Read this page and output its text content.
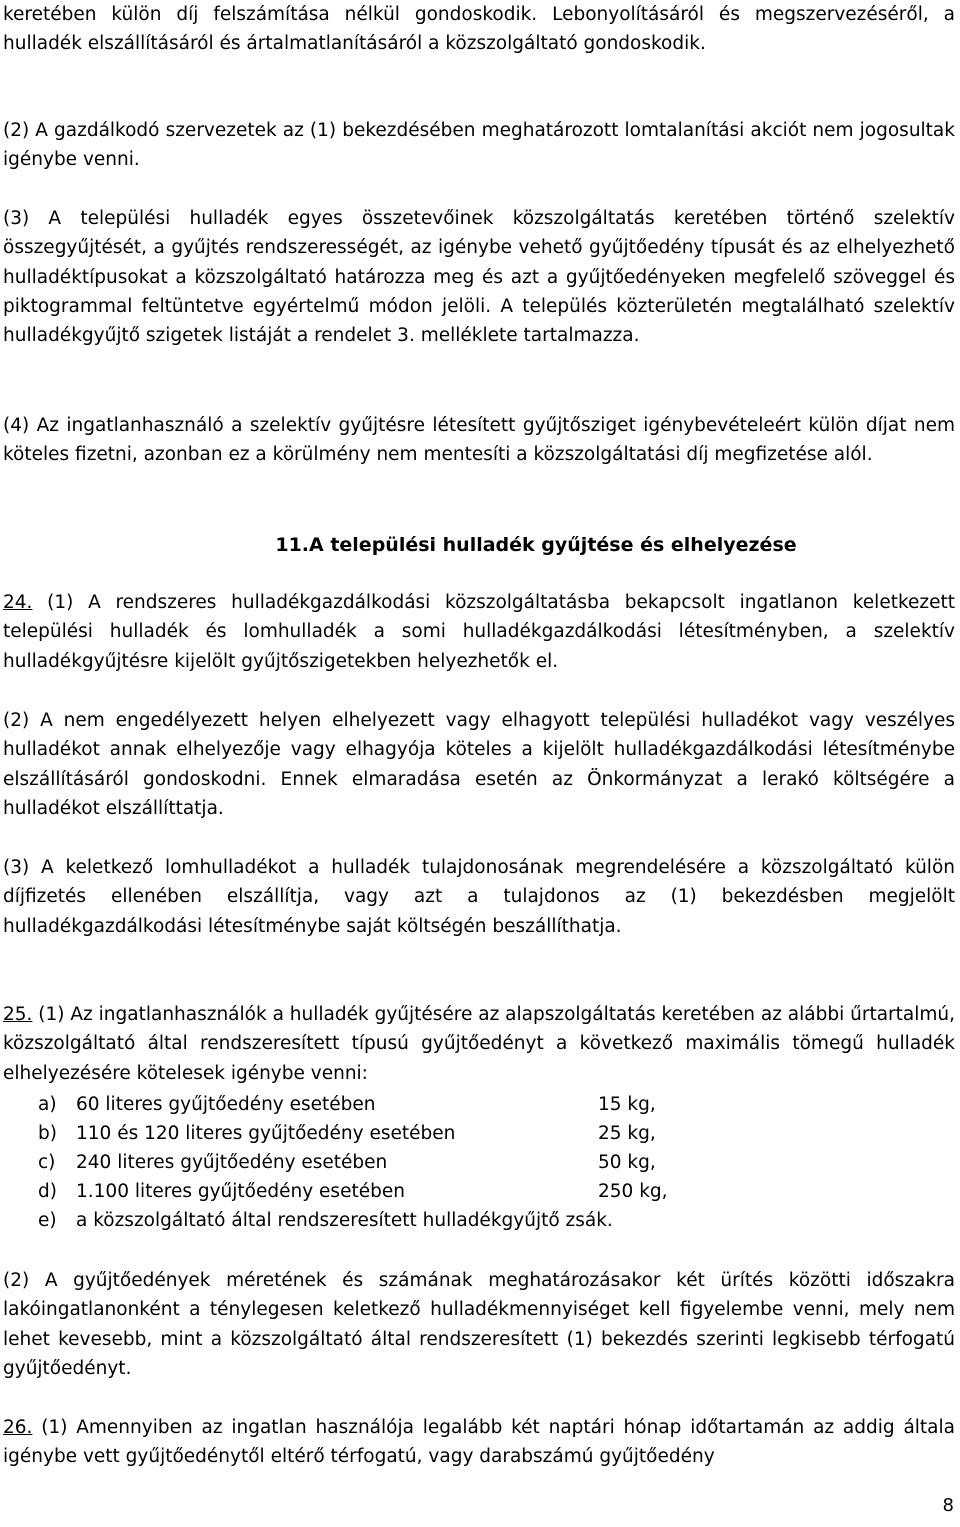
keretében külön díj felszámítása nélkül gondoskodik. Lebonyolításáról és megszervezéséről, a hulladék elszállításáról és ártalmatlanításáról a közszolgáltató gondoskodik.

(2) A gazdálkodó szervezetek az (1) bekezdésében meghatározott lomtalanítási akciót nem jogosultak igénybe venni.

(3) A települési hulladék egyes összetevőinek közszolgáltatás keretében történő szelektív összegyűjtését, a gyűjtés rendszerességét, az igénybe vehető gyűjtőedény típusát és az elhelyezhető hulladéktípusokat a közszolgáltató határozza meg és azt a gyűjtőedényeken megfelelő szöveggel és piktogrammal feltüntetve egyértelmű módon jelöli. A település közterületén megtalálható szelektív hulladékgyűjtő szigetek listáját a rendelet 3. melléklete tartalmazza.

(4) Az ingatlanhasználó a szelektív gyűjtésre létesített gyűjtősziget igénybevételeért külön díjat nem köteles fizetni, azonban ez a körülmény nem mentesíti a közszolgáltatási díj megfizetése alól.

11.A települési hulladék gyűjtése és elhelyezése

24. (1) A rendszeres hulladékgazdálkodási közszolgáltatásba bekapcsolt ingatlanon keletkezett települési hulladék és lomhulladék a somi hulladékgazdálkodási létesítményben, a szelektív hulladékgyűjtésre kijelölt gyűjtőszigetekben helyezhetők el.

(2) A nem engedélyezett helyen elhelyezett vagy elhagyott települési hulladékot vagy veszélyes hulladékot annak elhelyezője vagy elhagyója köteles a kijelölt hulladékgazdálkodási létesítménybe elszállításáról gondoskodni. Ennek elmaradása esetén az Önkormányzat a lerakó költségére a hulladékot elszállíttatja.

(3) A keletkező lomhulladékot a hulladék tulajdonosának megrendelésére a közszolgáltató külön díjfizetés ellenében elszállítja, vagy azt a tulajdonos az (1) bekezdésben megjelölt hulladékgazdálkodási létesítménybe saját költségén beszállíthatja.

25. (1) Az ingatlanhasználók a hulladék gyűjtésére az alapszolgáltatás keretében az alábbi űrtartalmú, közszolgáltató által rendszeresített típusú gyűjtőedényt a következő maximális tömegű hulladék elhelyezésére kötelesek igénybe venni:

a) 60 literes gyűjtőedény esetében	15 kg,
b) 110 és 120 literes gyűjtőedény esetében	25 kg,
c) 240 literes gyűjtőedény esetében	50 kg,
d) 1.100 literes gyűjtőedény esetében	250 kg,
e) a közszolgáltató által rendszeresített hulladékgyűjtő zsák.

(2) A gyűjtőedények méretének és számának meghatározásakor két ürítés közötti időszakra lakóingatlanonként a ténylegesen keletkező hulladékmennyiséget kell figyelembe venni, mely nem lehet kevesebb, mint a közszolgáltató által rendszeresített (1) bekezdés szerinti legkisebb térfogatú gyűjtőedényt.

26. (1) Amennyiben az ingatlan használója legalább két naptári hónap időtartamán az addig általa igénybe vett gyűjtőedénytől eltérő térfogatú, vagy darabszámú gyűjtőedény

8
